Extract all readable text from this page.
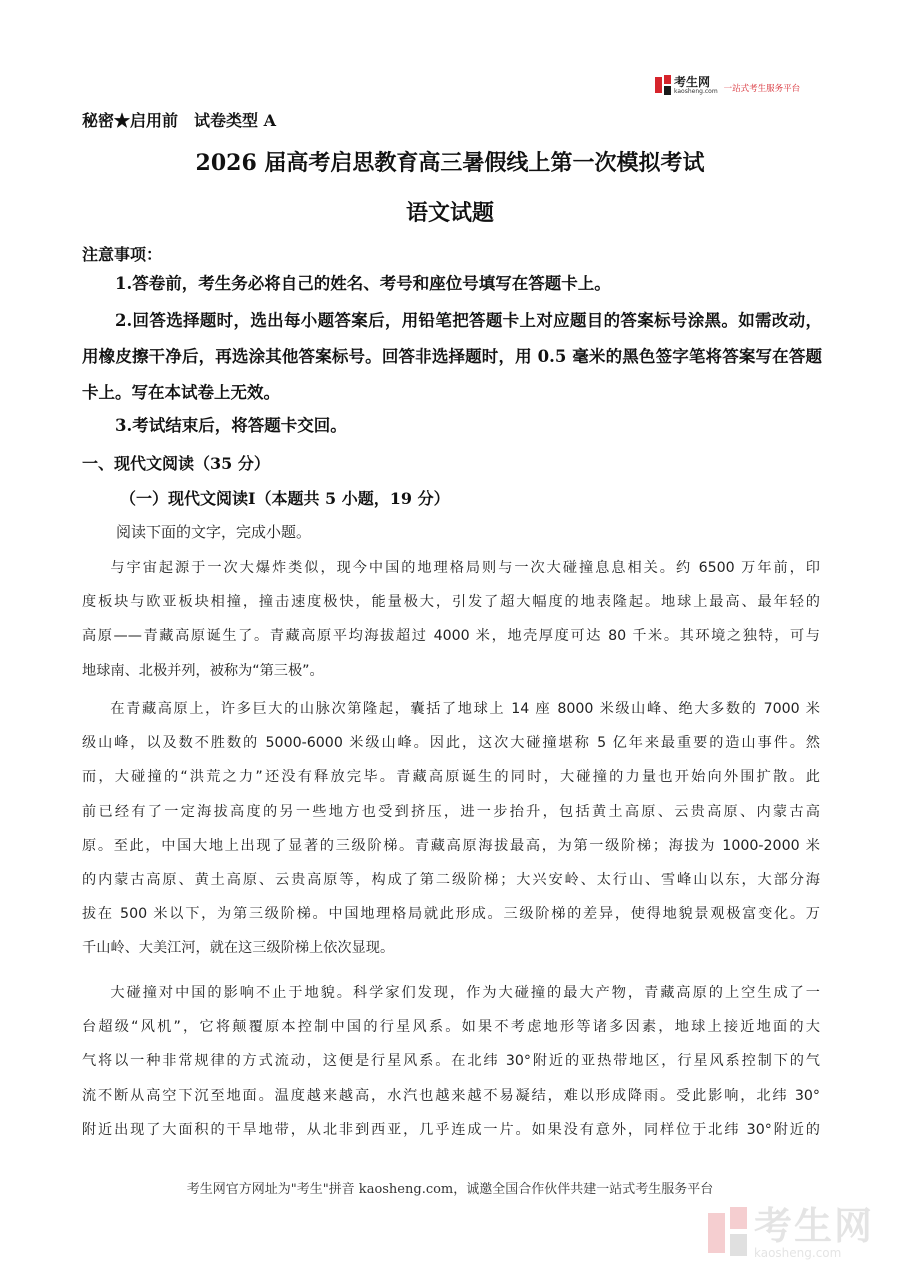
考生网
kaosheng.com 一站式考生服务平台
秘密★启用前　试卷类型 A
2026 届高考启思教育高三暑假线上第一次模拟考试
语文试题
注意事项：

1.答卷前，考生务必将自己的姓名、考号和座位号填写在答题卡上。

2.回答选择题时，选出每小题答案后，用铅笔把答题卡上对应题目的答案标号涂黑。如需改动，用橡皮擦干净后，再选涂其他答案标号。回答非选择题时，用 0.5 毫米的黑色签字笔将答案写在答题卡上。写在本试卷上无效。

3.考试结束后，将答题卡交回。

一、现代文阅读（35 分）
（一）现代文阅读Ⅰ（本题共 5 小题，19 分）
阅读下面的文字，完成小题。

与宇宙起源于一次大爆炸类似，现今中国的地理格局则与一次大碰撞息息相关。约 6500 万年前，印

度板块与欧亚板块相撞，撞击速度极快，能量极大，引发了超大幅度的地表隆起。地球上最高、最年轻的

高原——青藏高原诞生了。青藏高原平均海拔超过 4000 米，地壳厚度可达 80 千米。其环境之独特，可与

地球南、北极并列，被称为“第三极”。

在青藏高原上，许多巨大的山脉次第隆起，囊括了地球上 14 座 8000 米级山峰、绝大多数的 7000 米

级山峰，以及数不胜数的 5000-6000 米级山峰。因此，这次大碰撞堪称 5 亿年来最重要的造山事件。然

而，大碰撞的“洪荒之力”还没有释放完毕。青藏高原诞生的同时，大碰撞的力量也开始向外围扩散。此

前已经有了一定海拔高度的另一些地方也受到挤压，进一步抬升，包括黄土高原、云贵高原、内蒙古高

原。至此，中国大地上出现了显著的三级阶梯。青藏高原海拔最高，为第一级阶梯；海拔为 1000-2000 米

的内蒙古高原、黄土高原、云贵高原等，构成了第二级阶梯；大兴安岭、太行山、雪峰山以东，大部分海

拔在 500 米以下，为第三级阶梯。中国地理格局就此形成。三级阶梯的差异，使得地貌景观极富变化。万

千山岭、大美江河，就在这三级阶梯上依次显现。

大碰撞对中国的影响不止于地貌。科学家们发现，作为大碰撞的最大产物，青藏高原的上空生成了一

台超级“风机”，它将颠覆原本控制中国的行星风系。如果不考虑地形等诸多因素，地球上接近地面的大

气将以一种非常规律的方式流动，这便是行星风系。在北纬 30°附近的亚热带地区，行星风系控制下的气

流不断从高空下沉至地面。温度越来越高，水汽也越来越不易凝结，难以形成降雨。受此影响，北纬 30°

附近出现了大面积的干旱地带，从北非到西亚，几乎连成一片。如果没有意外，同样位于北纬 30°附近的

考生网官方网址为"考生"拼音 kaosheng.com，诚邀全国合作伙伴共建一站式考生服务平台
考生网
kaosheng.com
